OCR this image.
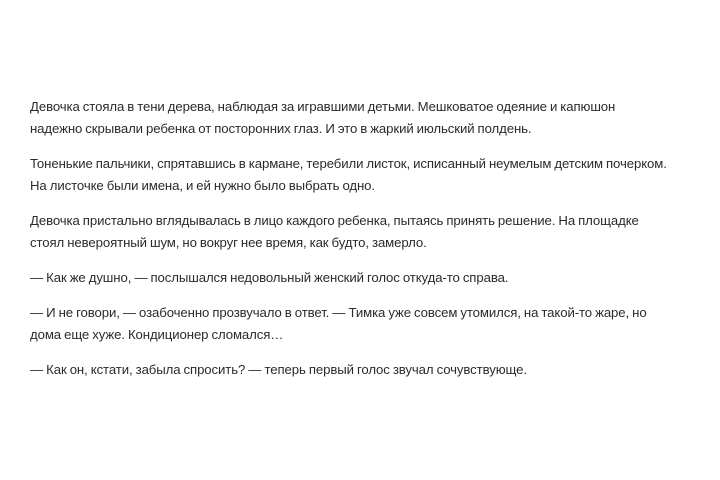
Девочка стояла в тени дерева, наблюдая за игравшими детьми. Мешковатое одеяние и капюшон надежно скрывали ребенка от посторонних глаз. И это в жаркий июльский полдень.

Тоненькие пальчики, спрятавшись в кармане, теребили листок, исписанный неумелым детским почерком. На листочке были имена, и ей нужно было выбрать одно.

Девочка пристально вглядывалась в лицо каждого ребенка, пытаясь принять решение. На площадке стоял невероятный шум, но вокруг нее время, как будто, замерло.

— Как же душно, — послышался недовольный женский голос откуда-то справа.

— И не говори, — озабоченно прозвучало в ответ. — Тимка уже совсем утомился, на такой-то жаре, но дома еще хуже. Кондиционер сломался…

— Как он, кстати, забыла спросить? — теперь первый голос звучал сочувствующе.
